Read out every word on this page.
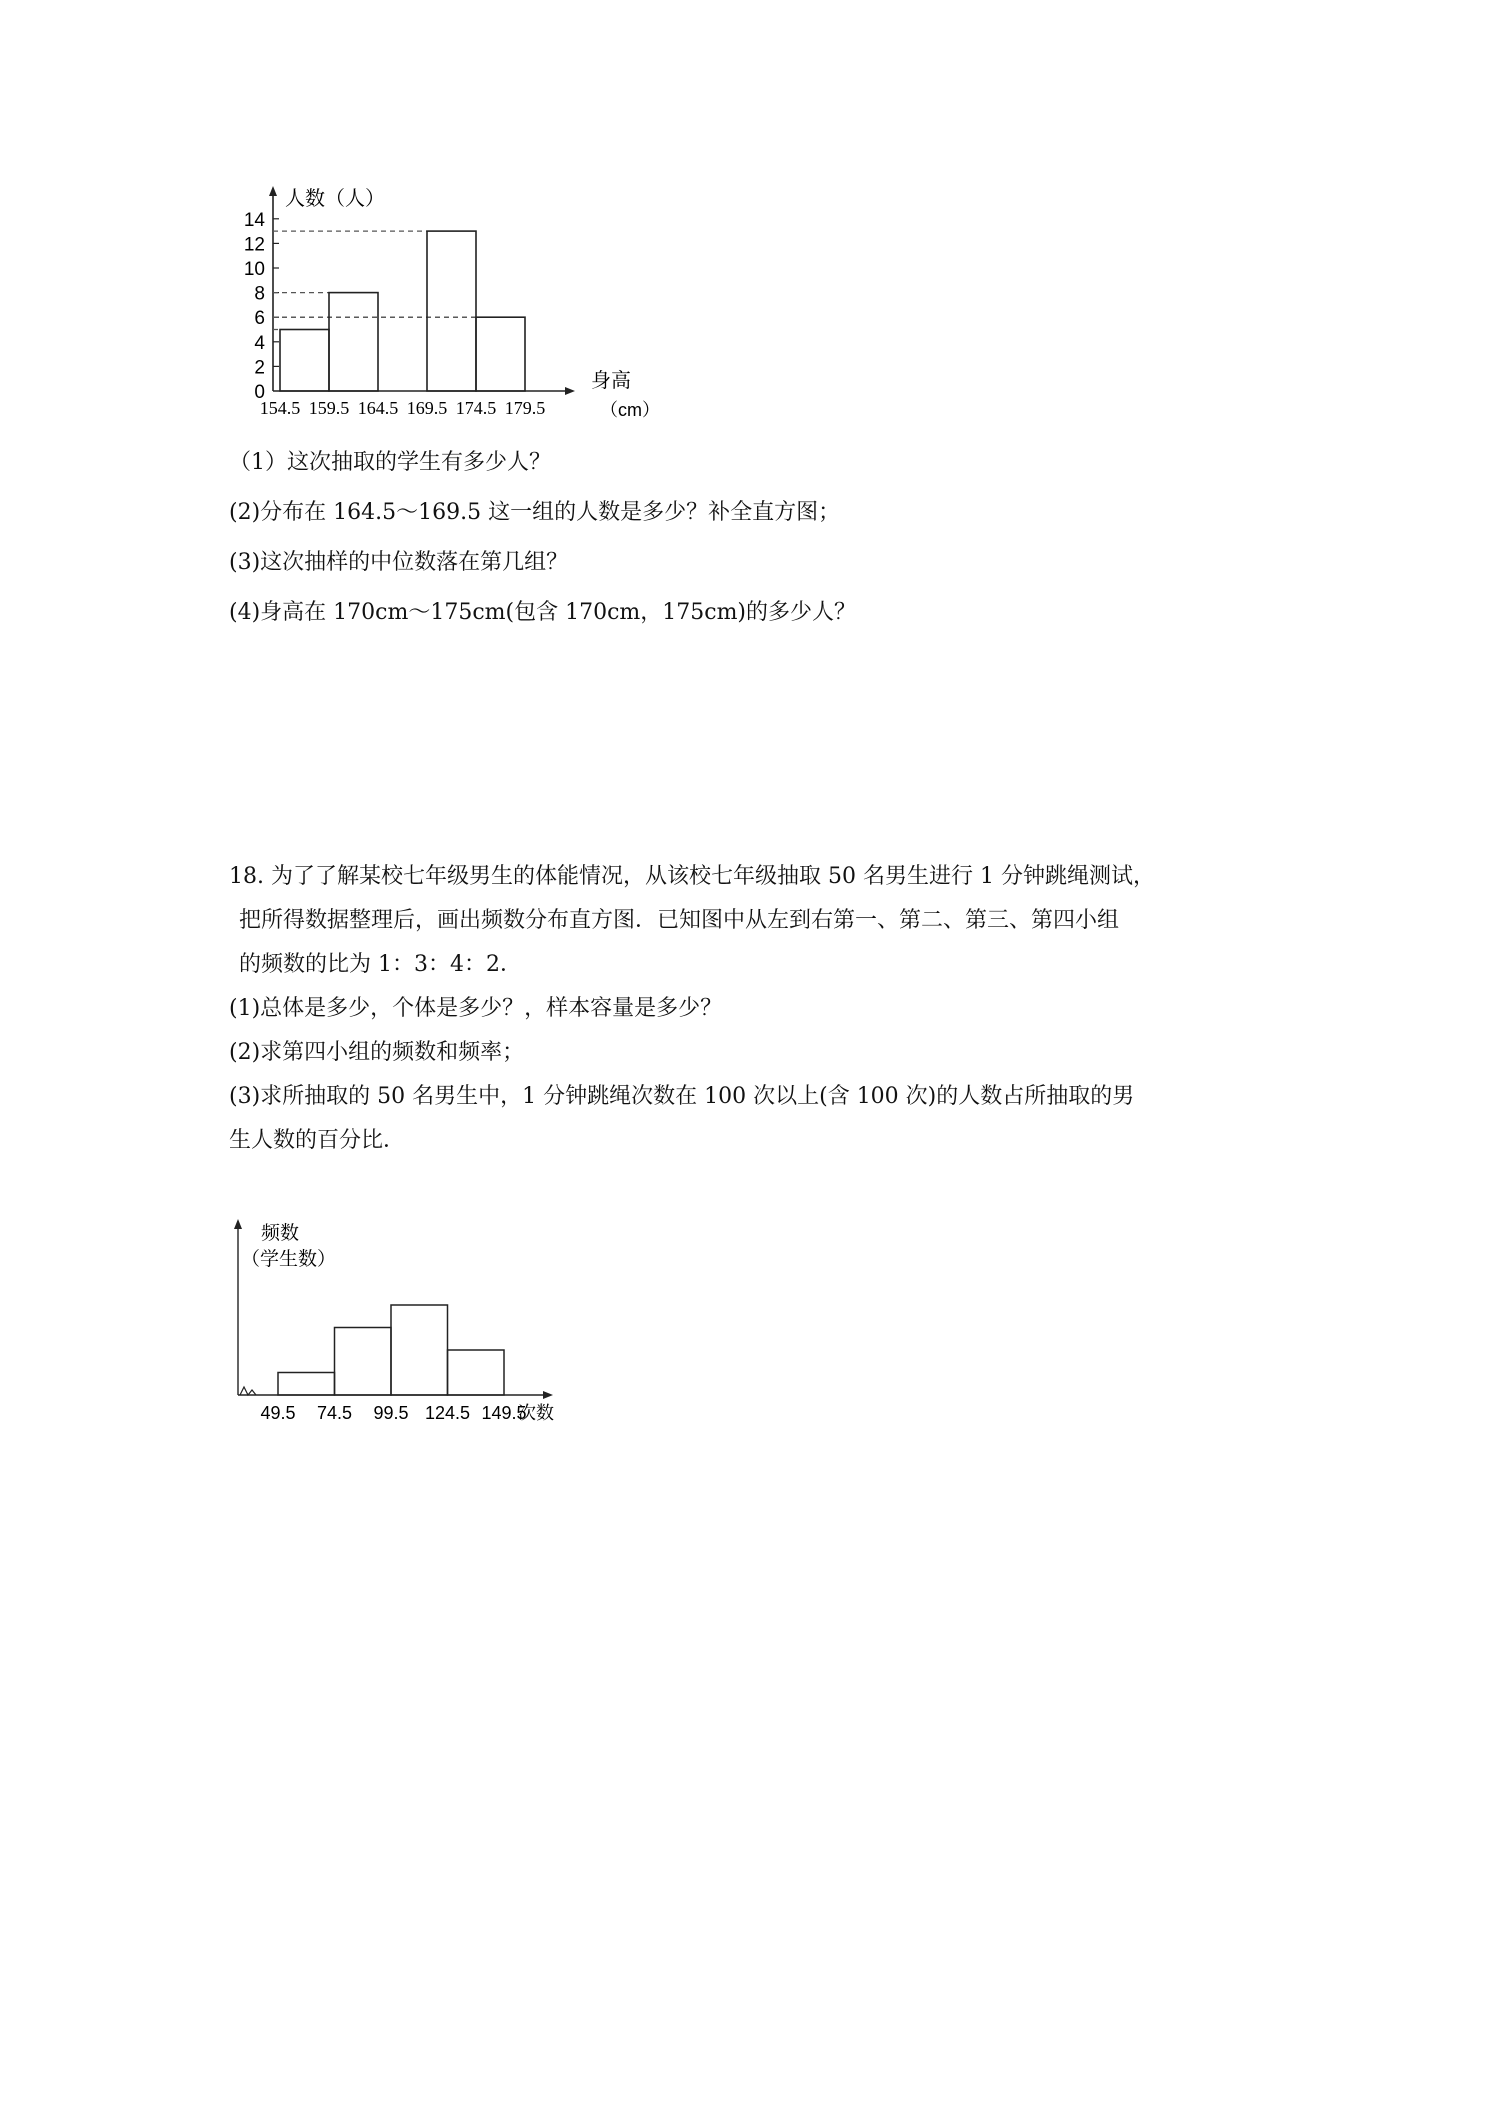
0
2
4
6
8
10
12
14
154.5 159.5 164.5 169.5 174.5 179.5
人数（人）
身高
（cm）
（1）这次抽取的学生有多少人？
(2)分布在 164.5～169.5 这一组的人数是多少？补全直方图；
(3)这次抽样的中位数落在第几组？
(4)身高在 170cm～175cm(包含 170cm，175cm)的多少人？
18. 为了了解某校七年级男生的体能情况，从该校七年级抽取 50 名男生进行 1 分钟跳绳测试，
把所得数据整理后，画出频数分布直方图．已知图中从左到右第一、第二、第三、第四小组
的频数的比为 1：3：4：2．
(1)总体是多少，个体是多少？，样本容量是多少？
(2)求第四小组的频数和频率；
(3)求所抽取的 50 名男生中，1 分钟跳绳次数在 100 次以上(含 100 次)的人数占所抽取的男
生人数的百分比．
49.5 74.5 99.5 124.5 149.5
次数
频数
（学生数）
